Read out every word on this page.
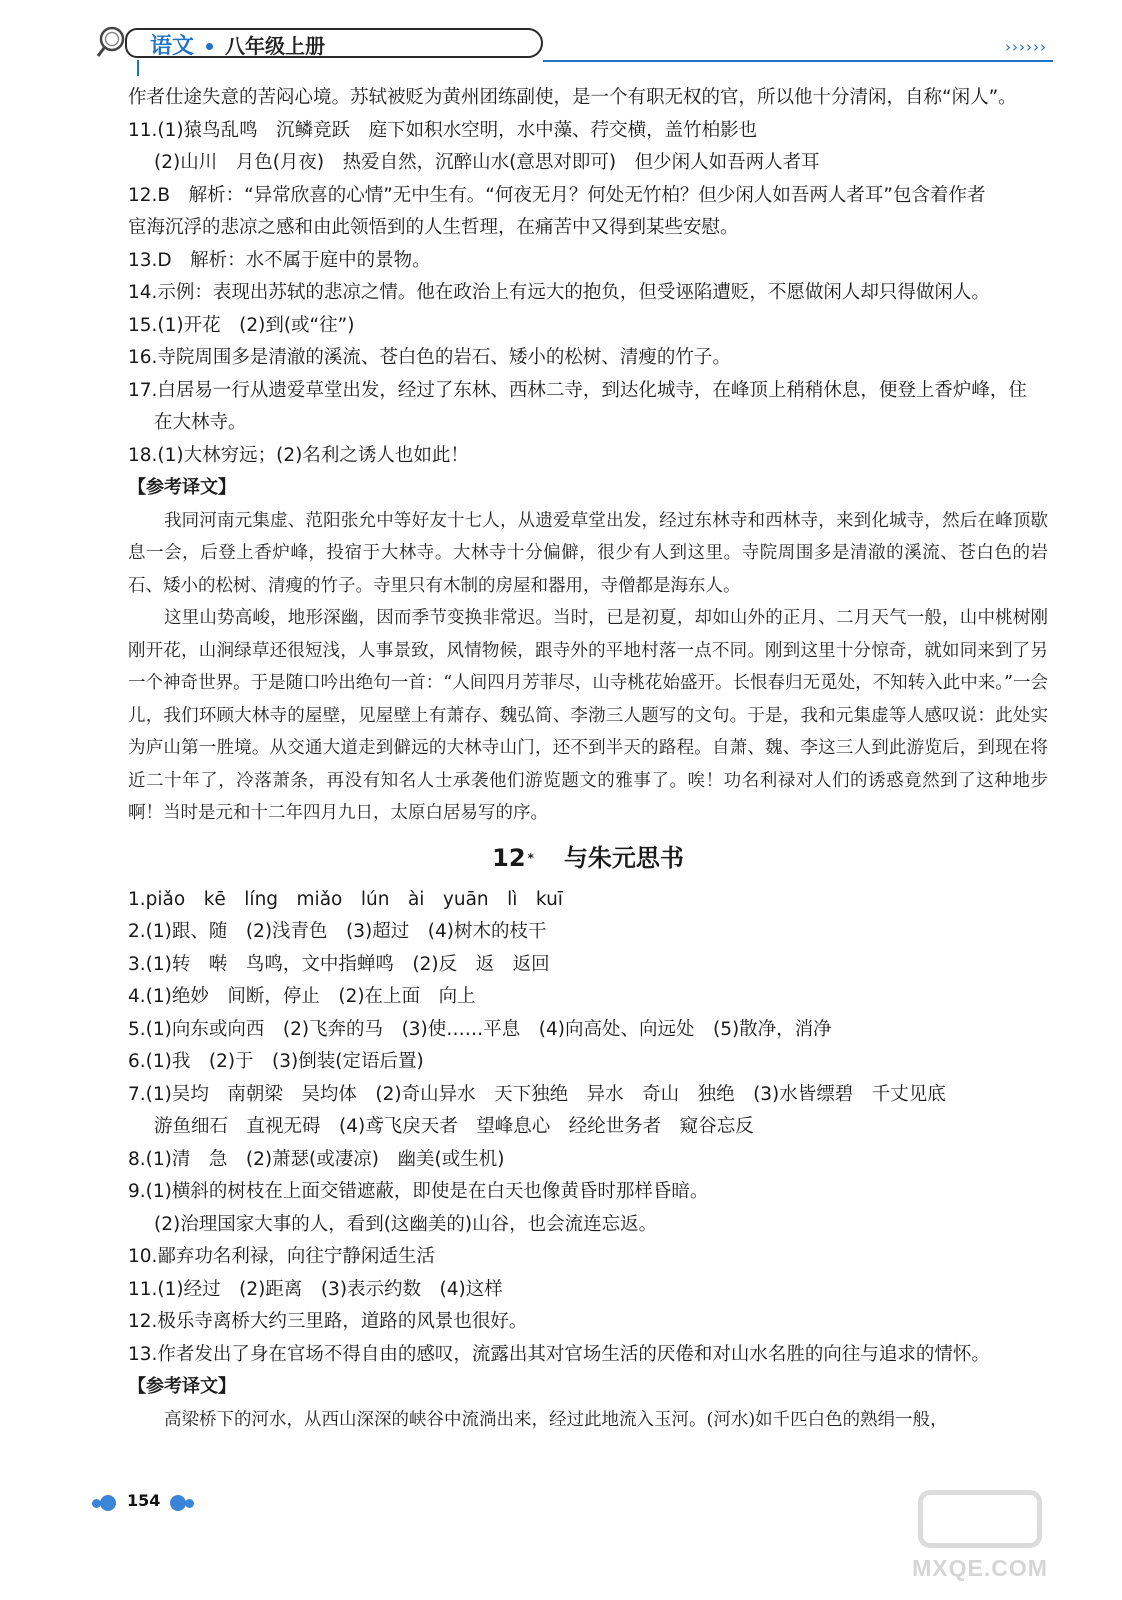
语文 八年级上册	››››››

作者仕途失意的苦闷心境。苏轼被贬为黄州团练副使，是一个有职无权的官，所以他十分清闲，自称“闲人”。

11.(1)猿鸟乱鸣　沉鳞竞跃　庭下如积水空明，水中藻、荇交横，盖竹柏影也

(2)山川　月色(月夜)　热爱自然，沉醉山水(意思对即可)　但少闲人如吾两人者耳

12.B　解析：“异常欣喜的心情”无中生有。“何夜无月？何处无竹柏？但少闲人如吾两人者耳”包含着作者

宦海沉浮的悲凉之感和由此领悟到的人生哲理，在痛苦中又得到某些安慰。

13.D　解析：水不属于庭中的景物。

14.示例：表现出苏轼的悲凉之情。他在政治上有远大的抱负，但受诬陷遭贬，不愿做闲人却只得做闲人。

15.(1)开花　(2)到(或“往”)

16.寺院周围多是清澈的溪流、苍白色的岩石、矮小的松树、清瘦的竹子。

17.白居易一行从遗爱草堂出发，经过了东林、西林二寺，到达化城寺，在峰顶上稍稍休息，便登上香炉峰，住

在大林寺。

18.(1)大林穷远；(2)名利之诱人也如此！

【参考译文】

我同河南元集虚、范阳张允中等好友十七人，从遗爱草堂出发，经过东林寺和西林寺，来到化城寺，然后在峰顶歇息一会，后登上香炉峰，投宿于大林寺。大林寺十分偏僻，很少有人到这里。寺院周围多是清澈的溪流、苍白色的岩石、矮小的松树、清瘦的竹子。寺里只有木制的房屋和器用，寺僧都是海东人。

这里山势高峻，地形深幽，因而季节变换非常迟。当时，已是初夏，却如山外的正月、二月天气一般，山中桃树刚刚开花，山涧绿草还很短浅，人事景致，风情物候，跟寺外的平地村落一点不同。刚到这里十分惊奇，就如同来到了另一个神奇世界。于是随口吟出绝句一首：“人间四月芳菲尽，山寺桃花始盛开。长恨春归无觅处，不知转入此中来。”一会儿，我们环顾大林寺的屋壁，见屋壁上有萧存、魏弘简、李渤三人题写的文句。于是，我和元集虚等人感叹说：此处实为庐山第一胜境。从交通大道走到僻远的大林寺山门，还不到半天的路程。自萧、魏、李这三人到此游览后，到现在将近二十年了，冷落萧条，再没有知名人士承袭他们游览题文的雅事了。唉！功名利禄对人们的诱惑竟然到了这种地步啊！当时是元和十二年四月九日，太原白居易写的序。

12 * 与朱元思书

1.piǎo　kē　líng　miǎo　lún　ài　yuān　lì　kuī

2.(1)跟、随　(2)浅青色　(3)超过　(4)树木的枝干

3.(1)转　啭　鸟鸣，文中指蝉鸣　(2)反　返　返回

4.(1)绝妙　间断，停止　(2)在上面　向上

5.(1)向东或向西　(2)飞奔的马　(3)使……平息　(4)向高处、向远处　(5)散净，消净

6.(1)我　(2)于　(3)倒装(定语后置)

7.(1)吴均　南朝梁　吴均体　(2)奇山异水　天下独绝　异水　奇山　独绝　(3)水皆缥碧　千丈见底

游鱼细石　直视无碍　(4)鸢飞戾天者　望峰息心　经纶世务者　窥谷忘反

8.(1)清　急　(2)萧瑟(或凄凉)　幽美(或生机)

9.(1)横斜的树枝在上面交错遮蔽，即使是在白天也像黄昏时那样昏暗。

(2)治理国家大事的人，看到(这幽美的)山谷，也会流连忘返。

10.鄙弃功名利禄，向往宁静闲适生活

11.(1)经过　(2)距离　(3)表示约数　(4)这样

12.极乐寺离桥大约三里路，道路的风景也很好。

13.作者发出了身在官场不得自由的感叹，流露出其对官场生活的厌倦和对山水名胜的向往与追求的情怀。

【参考译文】

高梁桥下的河水，从西山深深的峡谷中流淌出来，经过此地流入玉河。(河水)如千匹白色的熟绢一般，

154
MXQE.COM
